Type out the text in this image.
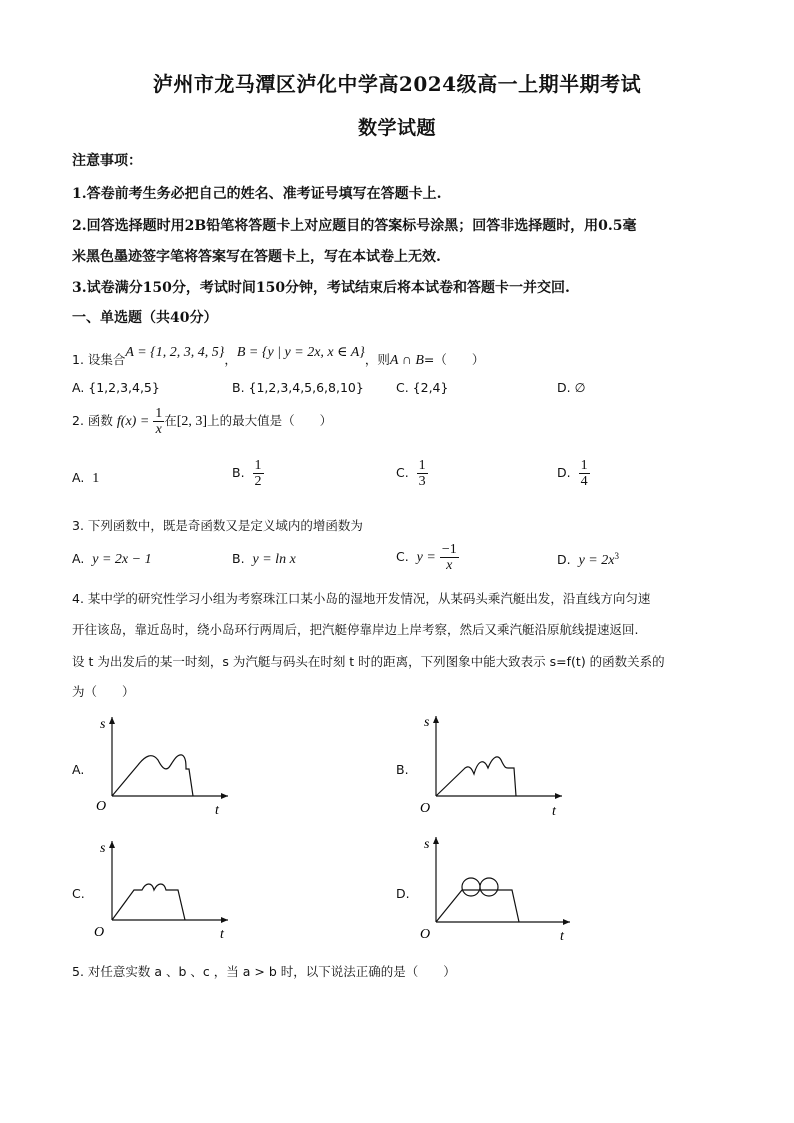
泸州市龙马潭区泸化中学高2024级高一上期半期考试
数学试题
注意事项：
1.答卷前考生务必把自己的姓名、准考证号填写在答题卡上.
2.回答选择题时用2B铅笔将答题卡上对应题目的答案标号涂黑；回答非选择题时，用0.5毫
米黑色墨迹签字笔将答案写在答题卡上，写在本试卷上无效.
3.试卷满分150分，考试时间150分钟，考试结束后将本试卷和答题卡一并交回.
一、单选题（共40分）
1. 设集合A = {1, 2, 3, 4, 5}，B = {y | y = 2x, x ∈ A}，则A ∩ B=（　　）
A. {1,2,3,4,5}	B. {1,2,3,4,5,6,8,10}	C. {2,4}	D. ∅
2. 函数 $f(x) = \frac{1}{x}$ 在[2, 3]上的最大值是（　　）
A. 1	B. $\frac{1}{2}$	C. $\frac{1}{3}$	D. $\frac{1}{4}$
3. 下列函数中，既是奇函数又是定义域内的增函数为
A. y = 2x − 1	B. y = ln x	C. $y = \frac{-1}{x}$	D. $y = 2x^3$
4. 某中学的研究性学习小组为考察珠江口某小岛的湿地开发情况，从某码头乘汽艇出发，沿直线方向匀速
开往该岛，靠近岛时，绕小岛环行两周后，把汽艇停靠岸边上岸考察，然后又乘汽艇沿原航线提速返回.
设 t 为出发后的某一时刻，s 为汽艇与码头在时刻 t 时的距离，下列图象中能大致表示 s=f(t) 的函数关系的
为（　　）
A.
s
O	t
B.
s
O	t
C.
s
O	t
D.
s
O	t
5. 对任意实数 a 、b 、c ，当 a > b 时，以下说法正确的是（　　）
